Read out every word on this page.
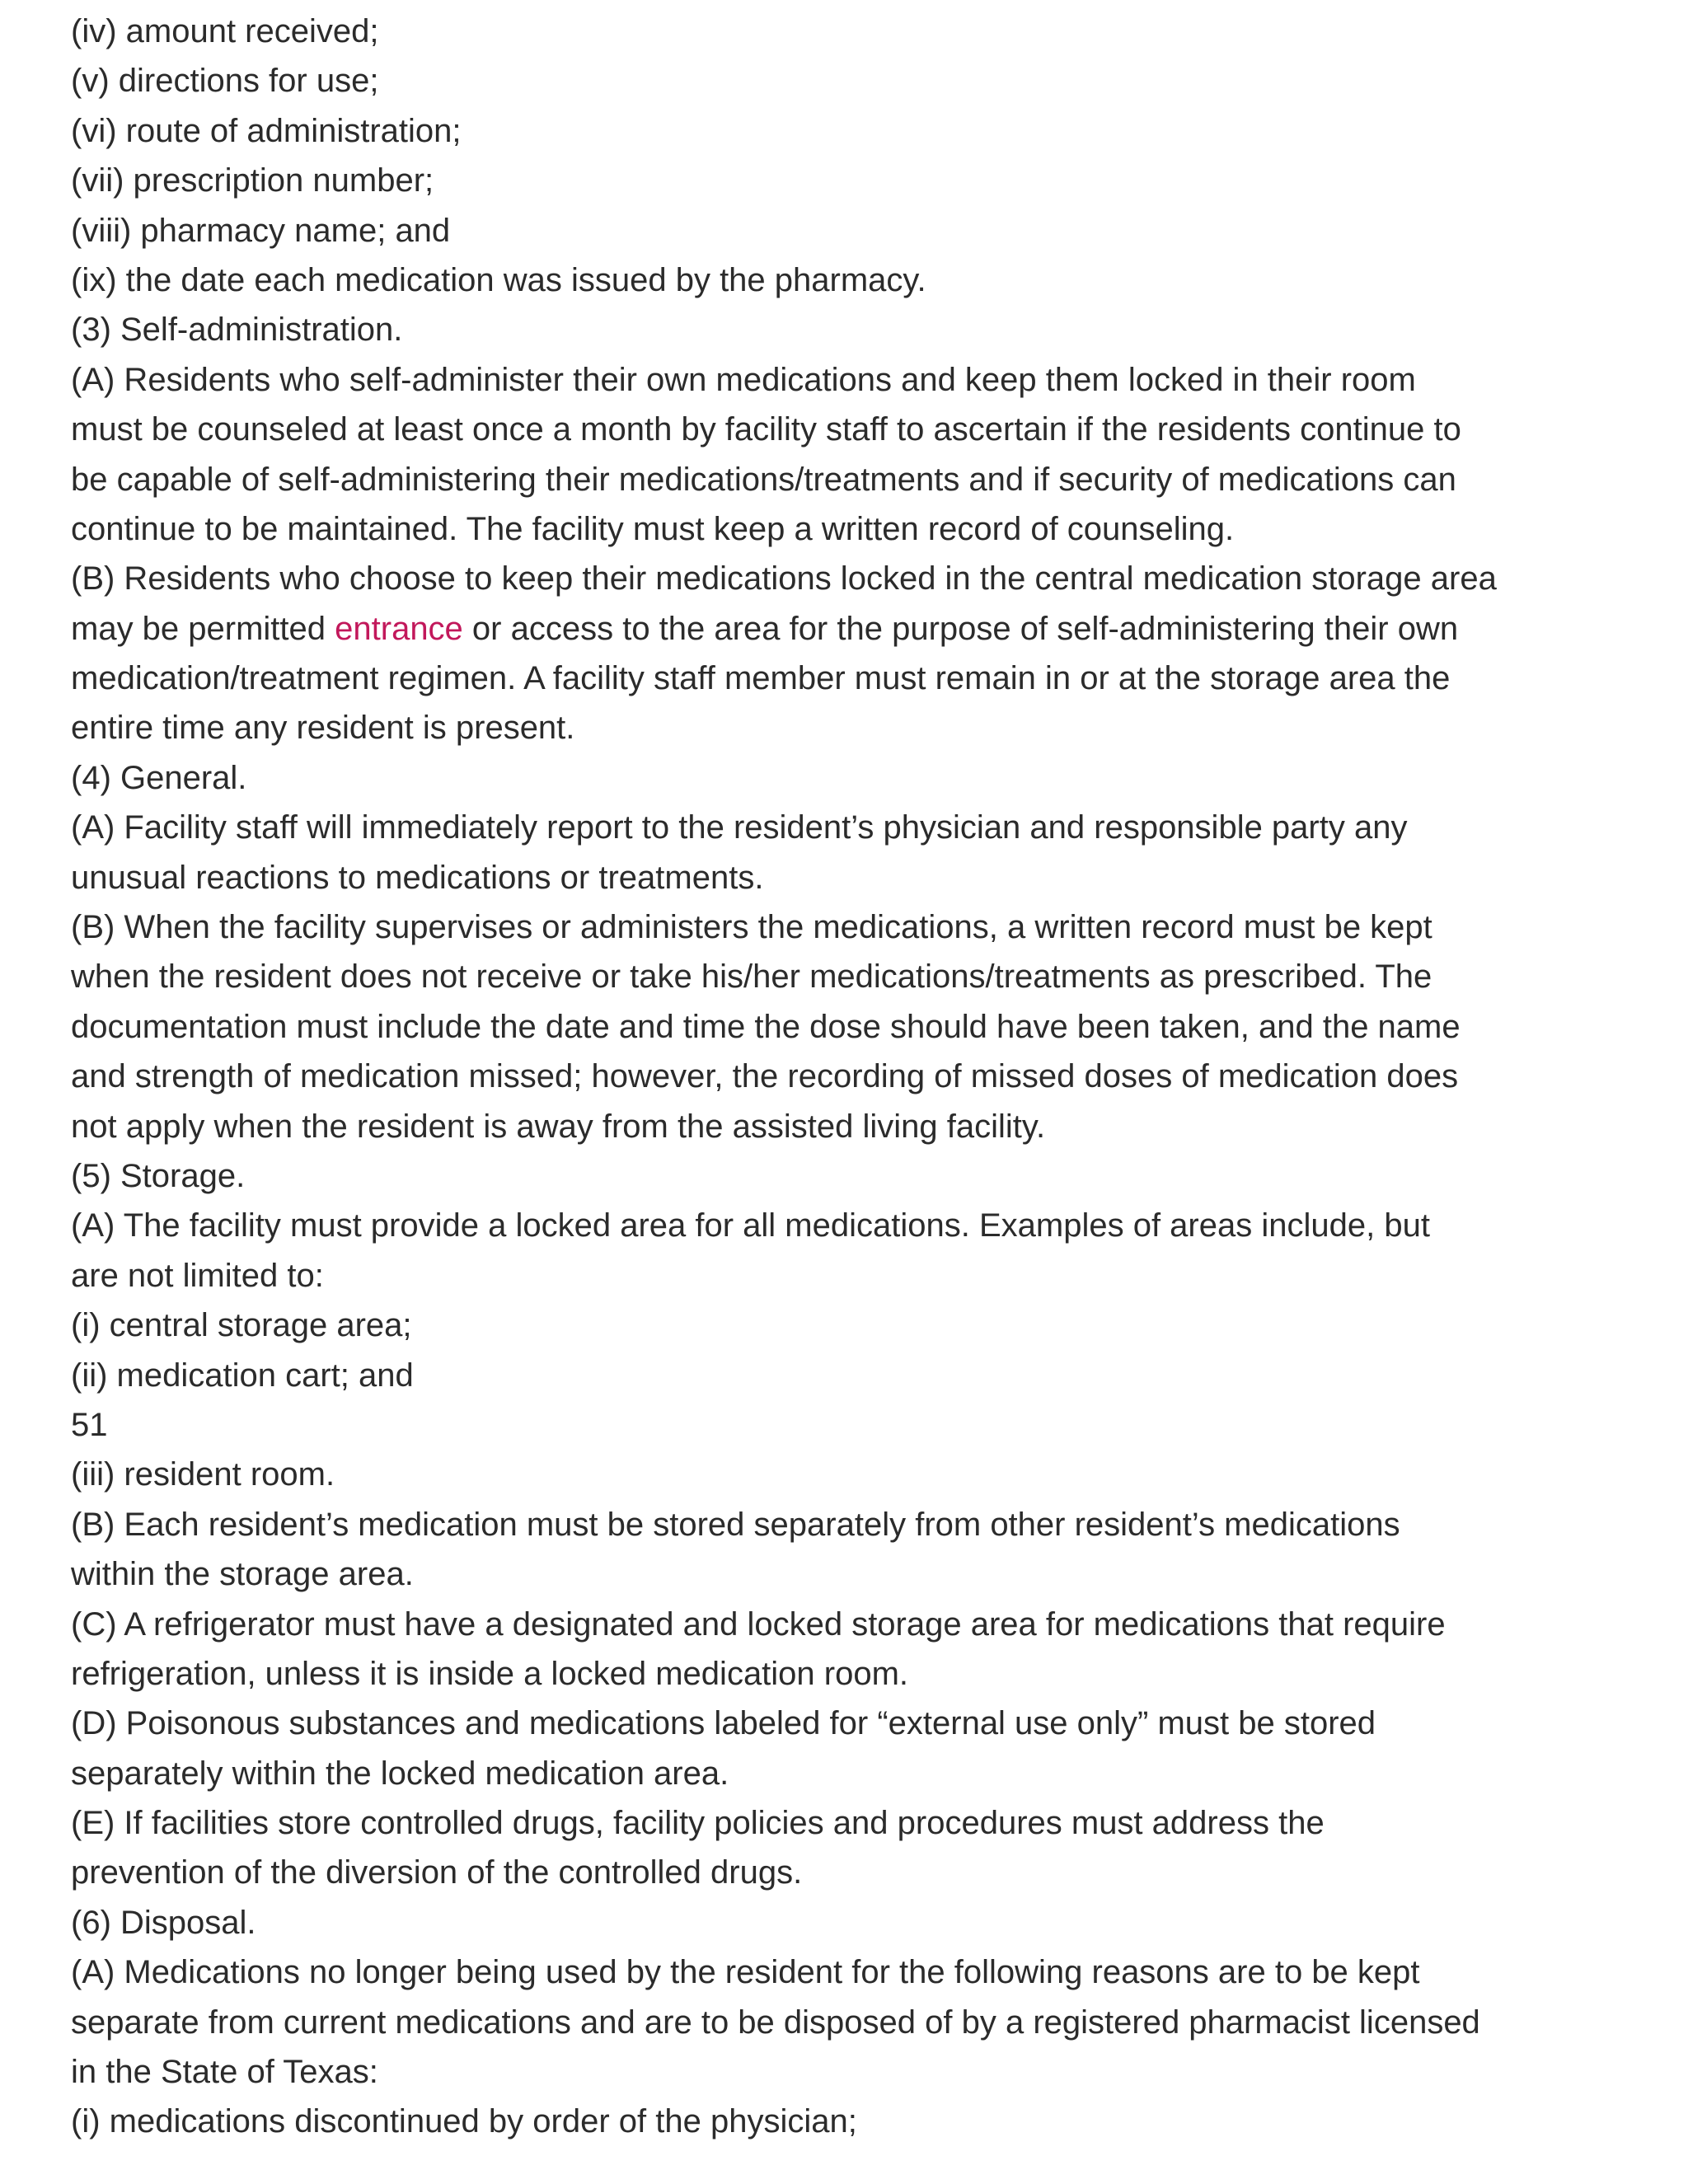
(iv) amount received;
(v) directions for use;
(vi) route of administration;
(vii) prescription number;
(viii) pharmacy name; and
(ix) the date each medication was issued by the pharmacy.
(3) Self-administration.
(A) Residents who self-administer their own medications and keep them locked in their room
must be counseled at least once a month by facility staff to ascertain if the residents continue to
be capable of self-administering their medications/treatments and if security of medications can
continue to be maintained. The facility must keep a written record of counseling.
(B) Residents who choose to keep their medications locked in the central medication storage area
may be permitted entrance or access to the area for the purpose of self-administering their own
medication/treatment regimen. A facility staff member must remain in or at the storage area the
entire time any resident is present.
(4) General.
(A) Facility staff will immediately report to the resident’s physician and responsible party any
unusual reactions to medications or treatments.
(B) When the facility supervises or administers the medications, a written record must be kept
when the resident does not receive or take his/her medications/treatments as prescribed. The
documentation must include the date and time the dose should have been taken, and the name
and strength of medication missed; however, the recording of missed doses of medication does
not apply when the resident is away from the assisted living facility.
(5) Storage.
(A) The facility must provide a locked area for all medications. Examples of areas include, but
are not limited to:
(i) central storage area;
(ii) medication cart; and
51
(iii) resident room.
(B) Each resident’s medication must be stored separately from other resident’s medications
within the storage area.
(C) A refrigerator must have a designated and locked storage area for medications that require
refrigeration, unless it is inside a locked medication room.
(D) Poisonous substances and medications labeled for “external use only” must be stored
separately within the locked medication area.
(E) If facilities store controlled drugs, facility policies and procedures must address the
prevention of the diversion of the controlled drugs.
(6) Disposal.
(A) Medications no longer being used by the resident for the following reasons are to be kept
separate from current medications and are to be disposed of by a registered pharmacist licensed
in the State of Texas:
(i) medications discontinued by order of the physician;
